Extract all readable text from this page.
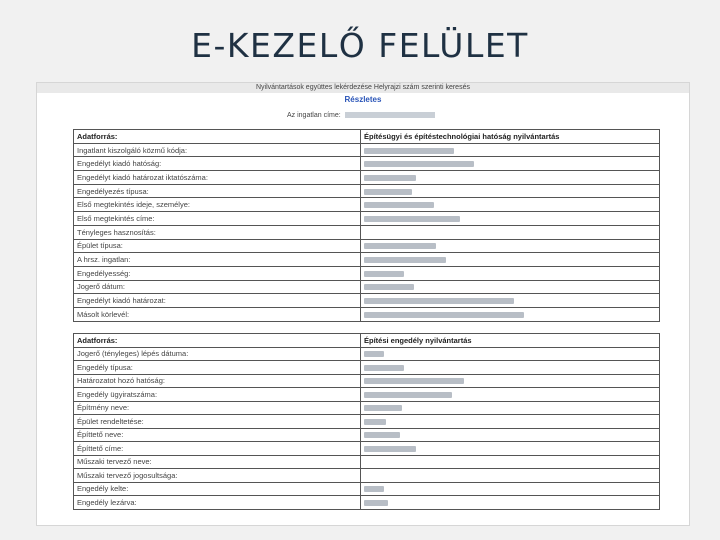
E-KEZELŐ FELÜLET
Nyilvántartások együttes lekérdezése Helyrajzi szám szerinti keresés
Részletes
Az ingatlan címe:
Adatforrás:	Építésügyi és építéstechnológiai hatóság nyilvántartás
Ingatlant kiszolgáló közmű kódja:	
Engedélyt kiadó hatóság:	
Engedélyt kiadó határozat iktatószáma:	
Engedélyezés típusa:	
Első megtekintés ideje, személye:	
Első megtekintés címe:	
Tényleges hasznosítás:	
Épület típusa:	
A hrsz. ingatlan:	
Engedélyesség:	
Jogerő dátum:	
Engedélyt kiadó határozat:	
Másolt körlevél:	
Adatforrás:	Építési engedély nyilvántartás
Jogerő (tényleges) lépés dátuma:	
Engedély típusa:	
Határozatot hozó hatóság:	
Engedély ügyiratszáma:	
Építmény neve:	
Épület rendeltetése:	
Építtető neve:	
Építtető címe:	
Műszaki tervező neve:	
Műszaki tervező jogosultsága:	
Engedély kelte:	
Engedély lezárva:	
